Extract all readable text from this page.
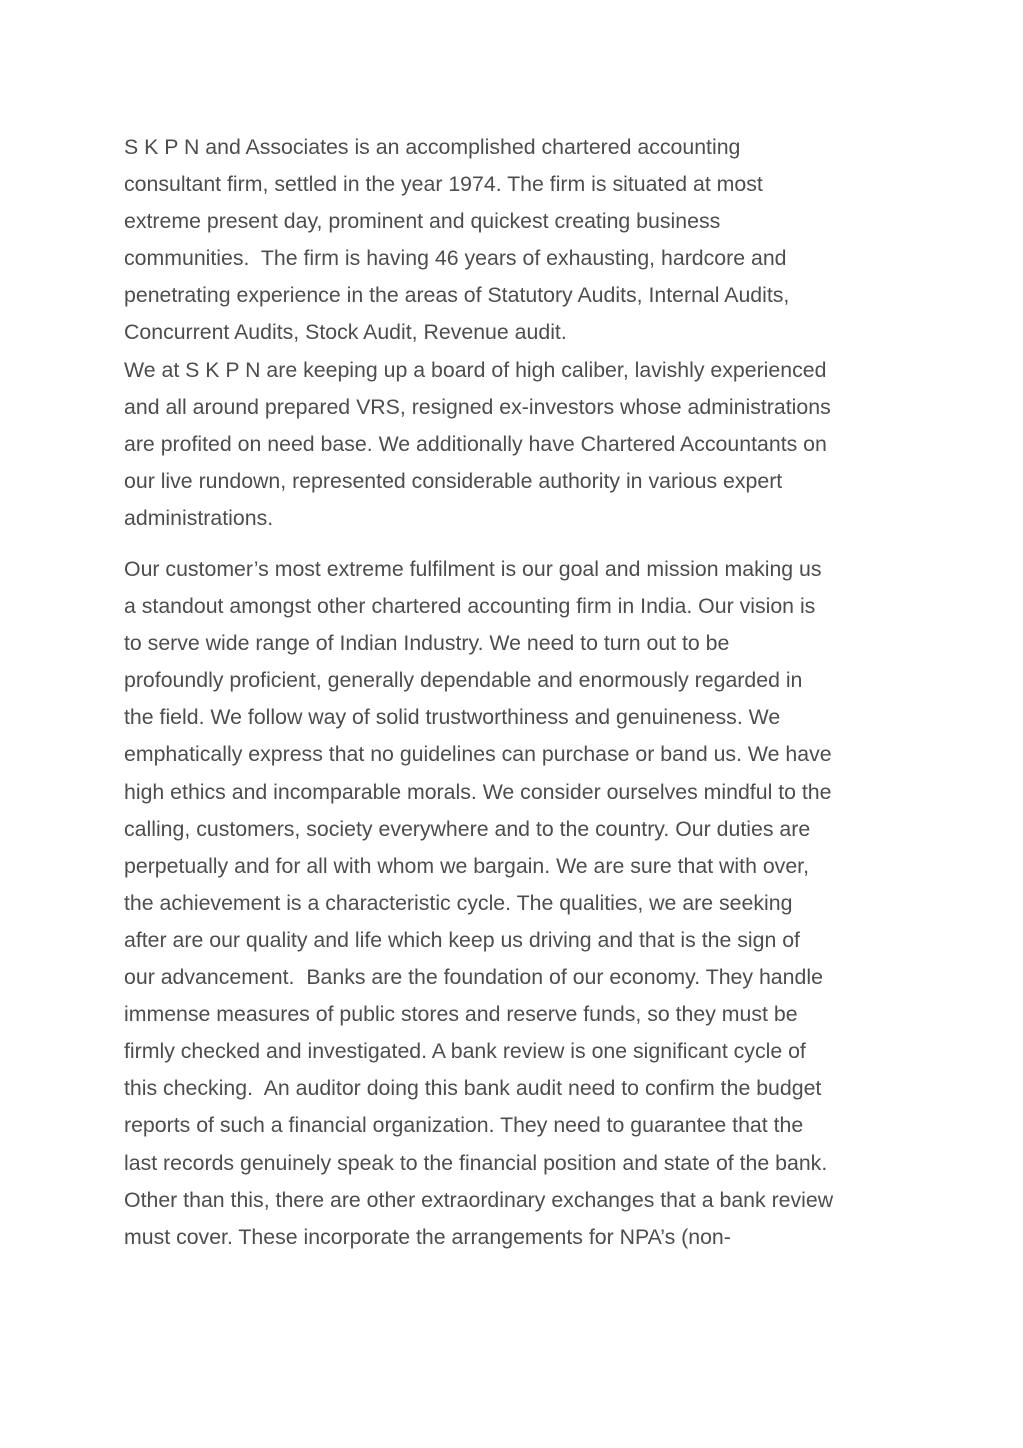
S K P N and Associates is an accomplished chartered accounting
consultant firm, settled in the year 1974. The firm is situated at most
extreme present day, prominent and quickest creating business
communities.  The firm is having 46 years of exhausting, hardcore and
penetrating experience in the areas of Statutory Audits, Internal Audits,
Concurrent Audits, Stock Audit, Revenue audit.
We at S K P N are keeping up a board of high caliber, lavishly experienced
and all around prepared VRS, resigned ex-investors whose administrations
are profited on need base. We additionally have Chartered Accountants on
our live rundown, represented considerable authority in various expert
administrations.
Our customer’s most extreme fulfilment is our goal and mission making us
a standout amongst other chartered accounting firm in India. Our vision is
to serve wide range of Indian Industry. We need to turn out to be
profoundly proficient, generally dependable and enormously regarded in
the field. We follow way of solid trustworthiness and genuineness. We
emphatically express that no guidelines can purchase or band us. We have
high ethics and incomparable morals. We consider ourselves mindful to the
calling, customers, society everywhere and to the country. Our duties are
perpetually and for all with whom we bargain. We are sure that with over,
the achievement is a characteristic cycle. The qualities, we are seeking
after are our quality and life which keep us driving and that is the sign of
our advancement.  Banks are the foundation of our economy. They handle
immense measures of public stores and reserve funds, so they must be
firmly checked and investigated. A bank review is one significant cycle of
this checking.  An auditor doing this bank audit need to confirm the budget
reports of such a financial organization. They need to guarantee that the
last records genuinely speak to the financial position and state of the bank.
Other than this, there are other extraordinary exchanges that a bank review
must cover. These incorporate the arrangements for NPA’s (non-
